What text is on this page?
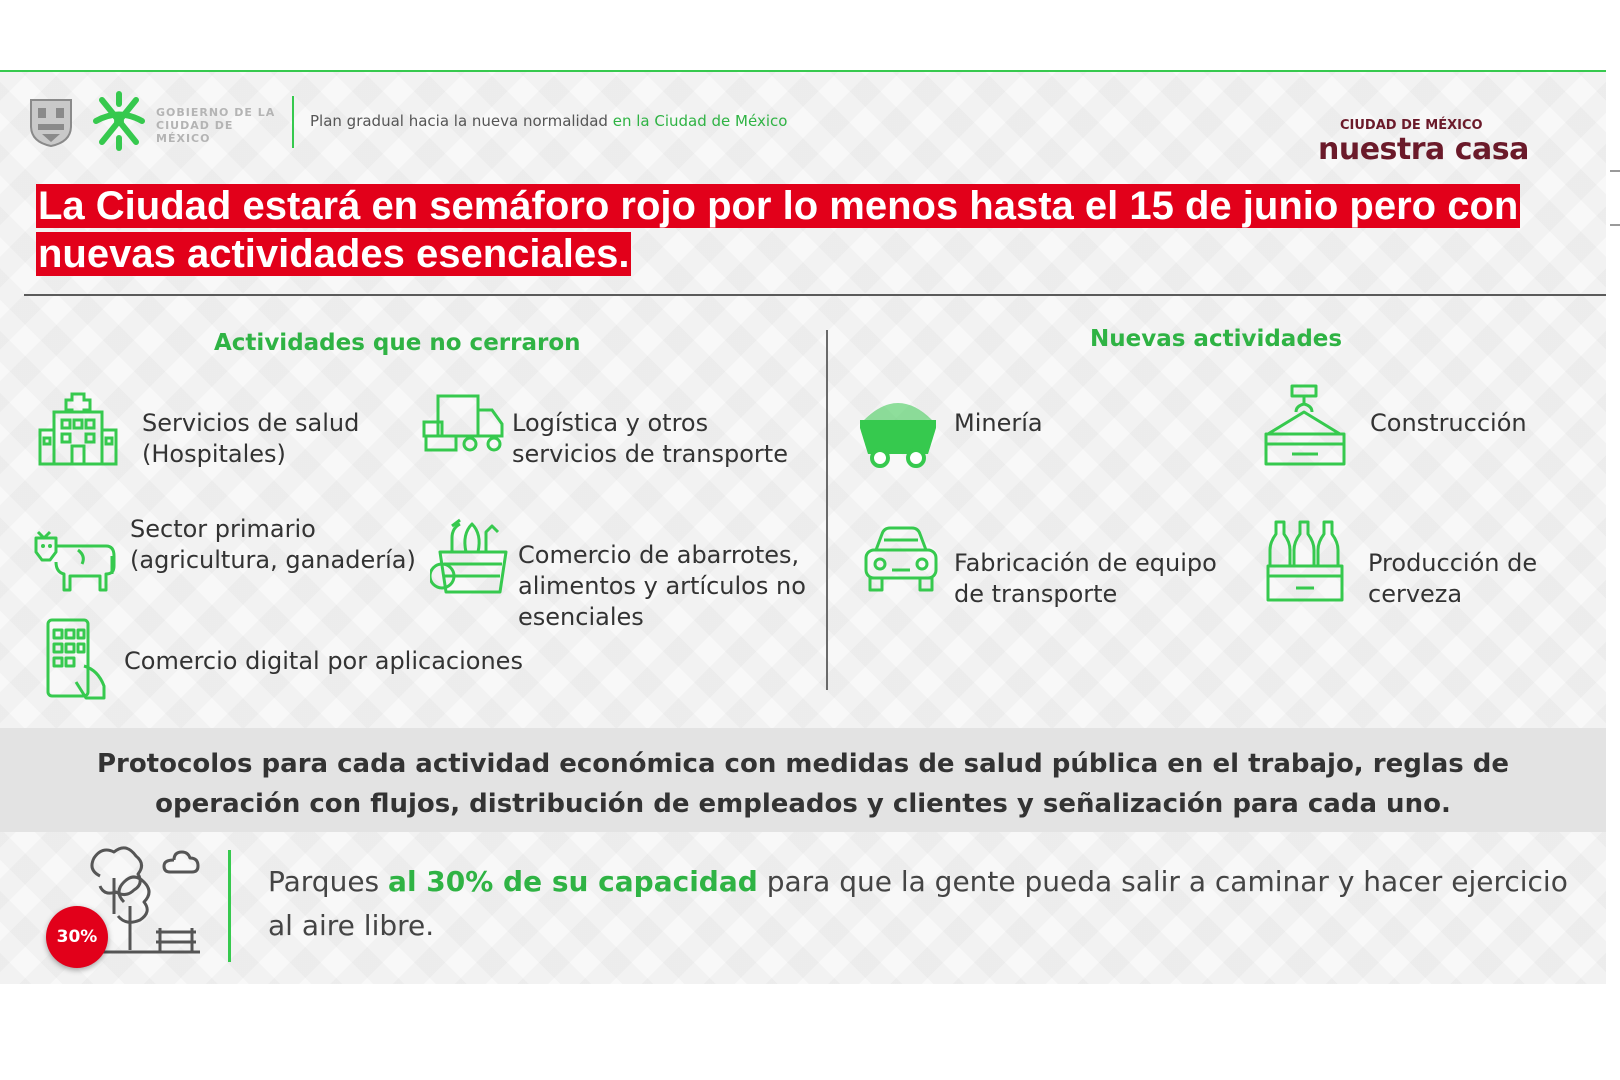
GOBIERNO DE LA
CIUDAD DE MÉXICO
Plan gradual hacia la nueva normalidad en la Ciudad de México	CIUDAD DE MÉXICO
nuestra casa
La Ciudad estará en semáforo rojo por lo menos hasta el 15 de junio pero con nuevas actividades esenciales.
Actividades que no cerraron
Servicios de salud
(Hospitales)
Logística y otros
servicios de transporte
Sector primario
(agricultura, ganadería)	Comercio de abarrotes,
alimentos y artículos no
esenciales
Comercio digital por aplicaciones
Nuevas actividades
Minería	Construcción
Fabricación de equipo
de transporte
Producción de
cerveza
Protocolos para cada actividad económica con medidas de salud pública en el trabajo, reglas de operación con flujos, distribución de empleados y clientes y señalización para cada uno.
30%
Parques al 30% de su capacidad para que la gente pueda salir a caminar y hacer ejercicio al aire libre.
